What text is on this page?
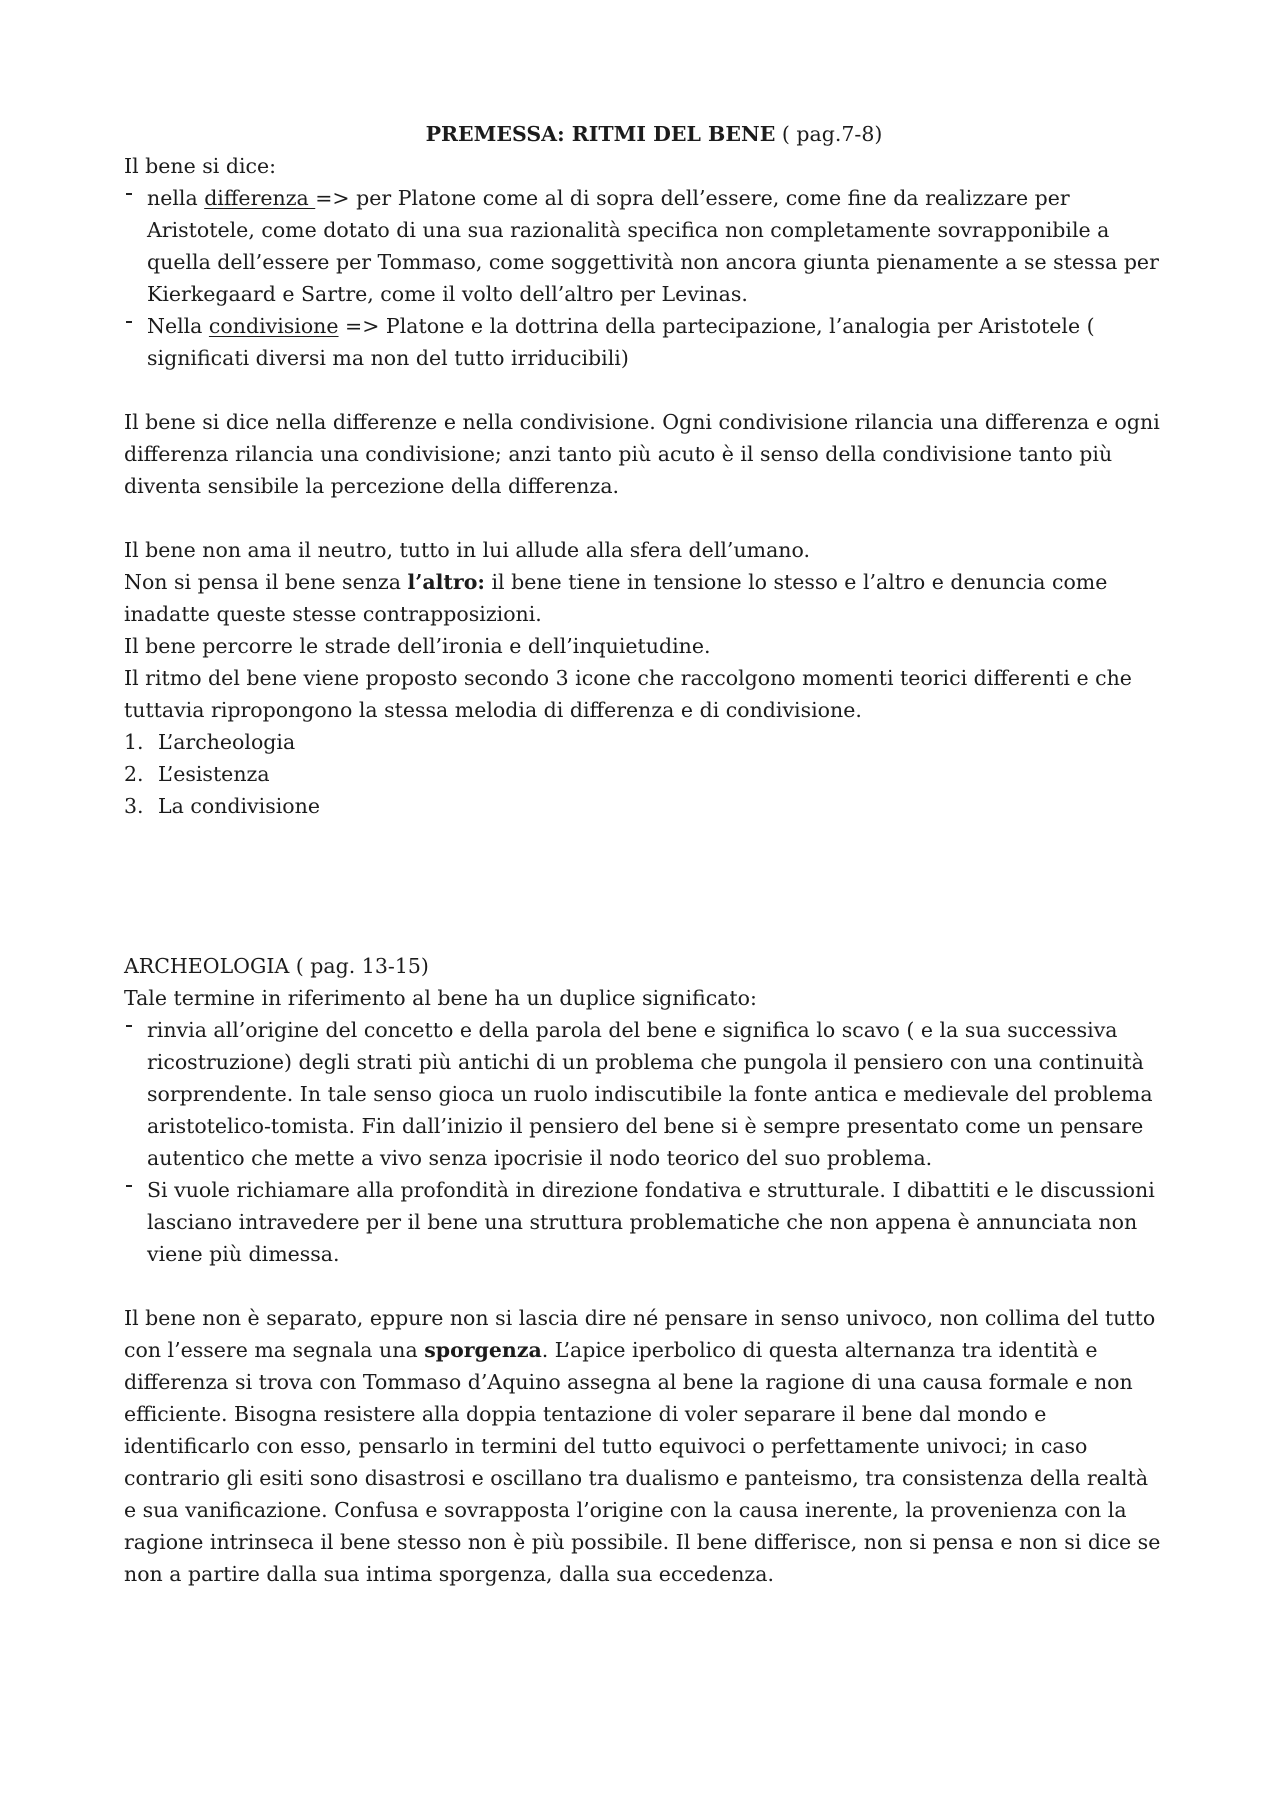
PREMESSA: RITMI DEL BENE ( pag.7-8)

Il bene si dice:

nella differenza => per Platone come al di sopra dell’essere, come fine da realizzare per Aristotele, come dotato di una sua razionalità specifica non completamente sovrapponibile a quella dell’essere per Tommaso, come soggettività non ancora giunta pienamente a se stessa per Kierkegaard e Sartre, come il volto dell’altro per Levinas.
Nella condivisione => Platone e la dottrina della partecipazione, l’analogia per Aristotele ( significati diversi ma non del tutto irriducibili)

Il bene si dice nella differenze e nella condivisione. Ogni condivisione rilancia una differenza e ogni differenza rilancia una condivisione; anzi tanto più acuto è il senso della condivisione tanto più diventa sensibile la percezione della differenza.

Il bene non ama il neutro, tutto in lui allude alla sfera dell’umano.

Non si pensa il bene senza l’altro: il bene tiene in tensione lo stesso e l’altro e denuncia come inadatte queste stesse contrapposizioni.

Il bene percorre le strade dell’ironia e dell’inquietudine.

Il ritmo del bene viene proposto secondo 3 icone che raccolgono momenti teorici differenti e che tuttavia ripropongono la stessa melodia di differenza e di condivisione.

1. L’archeologia
2. L’esistenza
3. La condivisione

ARCHEOLOGIA ( pag. 13-15)

Tale termine in riferimento al bene ha un duplice significato:

rinvia all’origine del concetto e della parola del bene e significa lo scavo ( e la sua successiva ricostruzione) degli strati più antichi di un problema che pungola il pensiero con una continuità sorprendente. In tale senso gioca un ruolo indiscutibile la fonte antica e medievale del problema aristotelico-tomista. Fin dall’inizio il pensiero del bene si è sempre presentato come un pensare autentico che mette a vivo senza ipocrisie il nodo teorico del suo problema.
Si vuole richiamare alla profondità in direzione fondativa e strutturale. I dibattiti e le discussioni lasciano intravedere per il bene una struttura problematiche che non appena è annunciata non viene più dimessa.

Il bene non è separato, eppure non si lascia dire né pensare in senso univoco, non collima del tutto con l’essere ma segnala una sporgenza. L’apice iperbolico di questa alternanza tra identità e differenza si trova con Tommaso d’Aquino assegna al bene la ragione di una causa formale e non efficiente. Bisogna resistere alla doppia tentazione di voler separare il bene dal mondo e identificarlo con esso, pensarlo in termini del tutto equivoci o perfettamente univoci; in caso contrario gli esiti sono disastrosi e oscillano tra dualismo e panteismo, tra consistenza della realtà e sua vanificazione. Confusa e sovrapposta l’origine con la causa inerente, la provenienza con la ragione intrinseca il bene stesso non è più possibile. Il bene differisce, non si pensa e non si dice se non a partire dalla sua intima sporgenza, dalla sua eccedenza.
